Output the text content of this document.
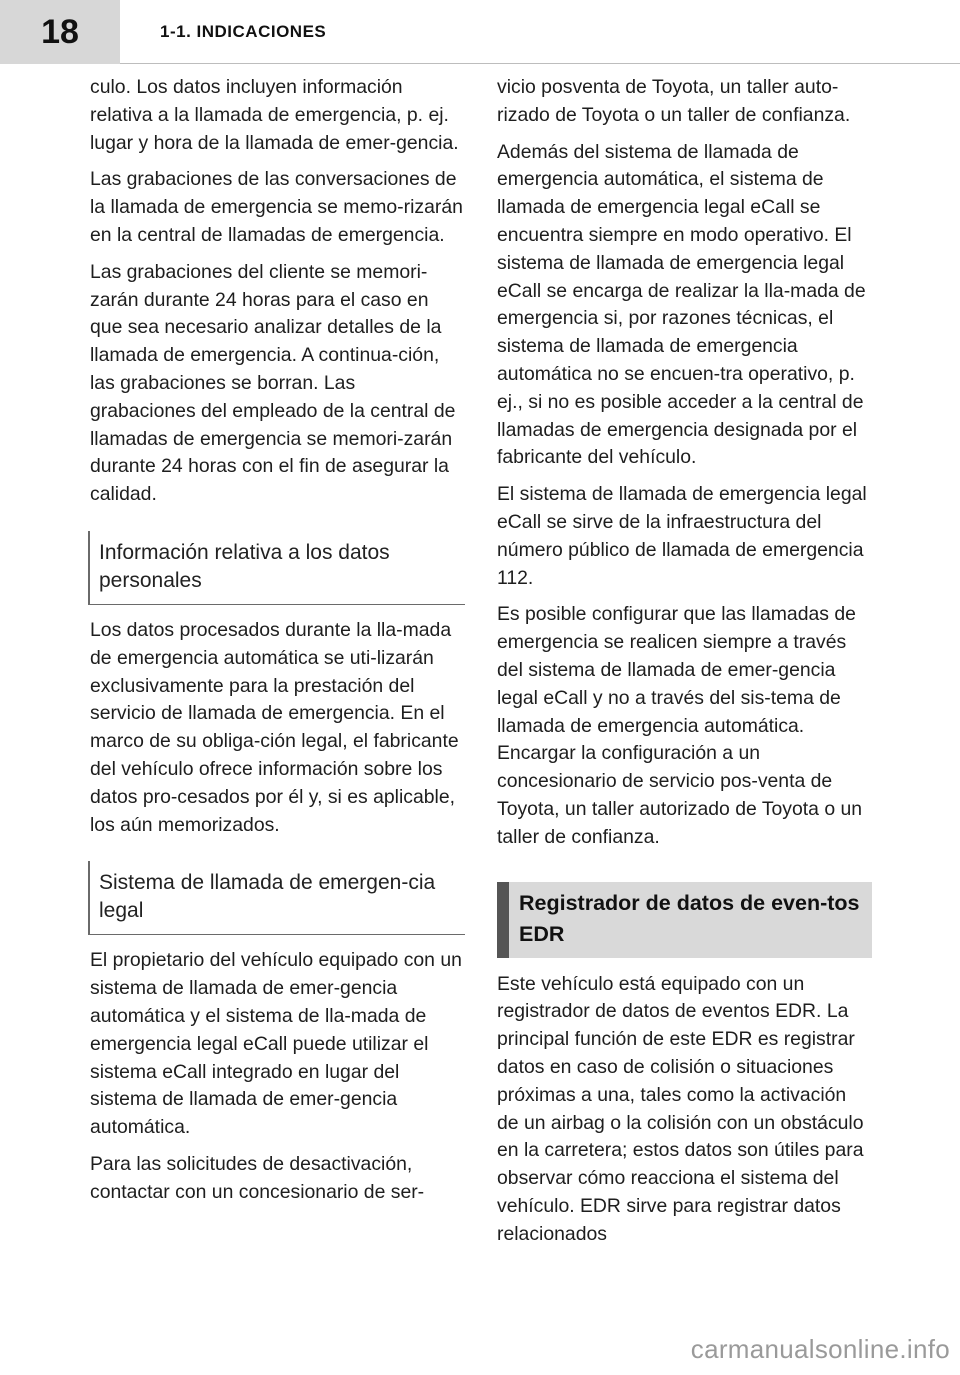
18	1-1. INDICACIONES

culo. Los datos incluyen información relativa a la llamada de emergencia, p. ej. lugar y hora de la llamada de emer-gencia.

Las grabaciones de las conversaciones de la llamada de emergencia se memo-rizarán en la central de llamadas de emergencia.

Las grabaciones del cliente se memori-zarán durante 24 horas para el caso en que sea necesario analizar detalles de la llamada de emergencia. A continua-ción, las grabaciones se borran. Las grabaciones del empleado de la central de llamadas de emergencia se memori-zarán durante 24 horas con el fin de asegurar la calidad.

Información relativa a los datos personales

Los datos procesados durante la lla-mada de emergencia automática se uti-lizarán exclusivamente para la prestación del servicio de llamada de emergencia. En el marco de su obliga-ción legal, el fabricante del vehículo ofrece información sobre los datos pro-cesados por él y, si es aplicable, los aún memorizados.

Sistema de llamada de emergen-cia legal

El propietario del vehículo equipado con un sistema de llamada de emer-gencia automática y el sistema de lla-mada de emergencia legal eCall puede utilizar el sistema eCall integrado en lugar del sistema de llamada de emer-gencia automática.

Para las solicitudes de desactivación, contactar con un concesionario de ser-

vicio posventa de Toyota, un taller auto-rizado de Toyota o un taller de confianza.

Además del sistema de llamada de emergencia automática, el sistema de llamada de emergencia legal eCall se encuentra siempre en modo operativo. El sistema de llamada de emergencia legal eCall se encarga de realizar la lla-mada de emergencia si, por razones técnicas, el sistema de llamada de emergencia automática no se encuen-tra operativo, p. ej., si no es posible acceder a la central de llamadas de emergencia designada por el fabricante del vehículo.

El sistema de llamada de emergencia legal eCall se sirve de la infraestructura del número público de llamada de emergencia 112.

Es posible configurar que las llamadas de emergencia se realicen siempre a través del sistema de llamada de emer-gencia legal eCall y no a través del sis-tema de llamada de emergencia automática. Encargar la configuración a un concesionario de servicio pos-venta de Toyota, un taller autorizado de Toyota o un taller de confianza.

Registrador de datos de even-tos EDR

Este vehículo está equipado con un registrador de datos de eventos EDR. La principal función de este EDR es registrar datos en caso de colisión o situaciones próximas a una, tales como la activación de un airbag o la colisión con un obstáculo en la carretera; estos datos son útiles para observar cómo reacciona el sistema del vehículo. EDR sirve para registrar datos relacionados

carmanualsonline.info
